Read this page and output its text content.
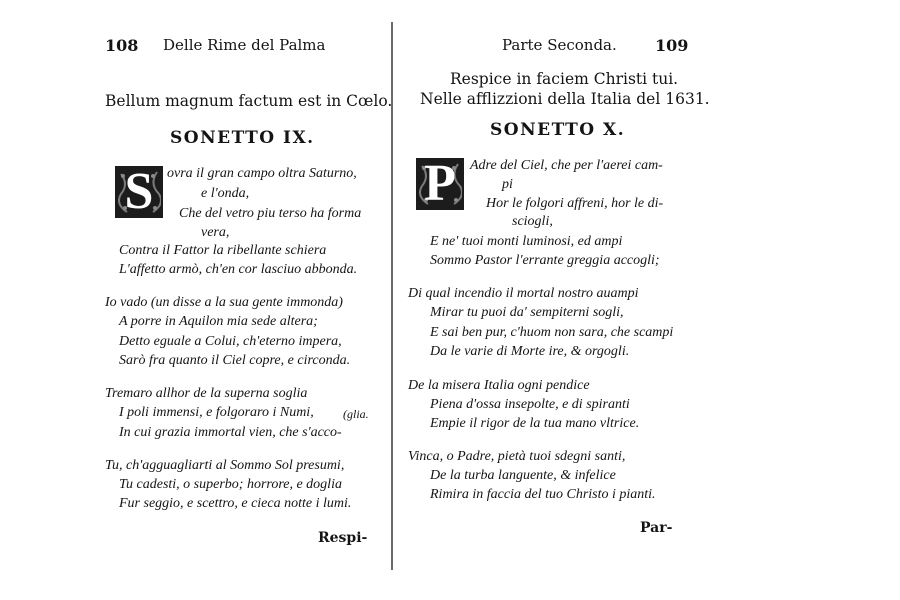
108 Delle Rime del Palma
Bellum magnum factum est in Cœlo.
SONETTO IX.
S ovra il gran campo oltra Saturno,
e l'onda,
Che del vetro piu terso ha forma
vera,
Contra il Fattor la ribellante schiera
L'affetto armò, ch'en cor lasciuo abbonda.
Io vado (un disse a la sua gente immonda)
A porre in Aquilon mia sede altera;
Detto eguale a Colui, ch'eterno impera,
Sarò fra quanto il Ciel copre, e circonda.
Tremaro allhor de la superna soglia
I poli immensi, e folgoraro i Numi,
In cui grazia immortal vien, che s'acco-
(glia.
Tu, ch'agguagliarti al Sommo Sol presumi,
Tu cadesti, o superbo; horrore, e doglia
Fur seggio, e scettro, e cieca notte i lumi.
Respi-
Parte Seconda. 109
Respice in faciem Christi tui.
Nelle afflizzioni della Italia del 1631.
SONETTO X.
P	Adre del Ciel, che per l'aerei cam-
pi
Hor le folgori affreni, hor le di-
sciogli,
E ne' tuoi monti luminosi, ed ampi
Sommo Pastor l'errante greggia accogli;
Di qual incendio il mortal nostro auampi
Mirar tu puoi da' sempiterni sogli,
E sai ben pur, c'huom non sara, che scampi
Da le varie di Morte ire, & orgogli.
De la misera Italia ogni pendice
Piena d'ossa insepolte, e di spiranti
Empie il rigor de la tua mano vltrice.
Vinca, o Padre, pietà tuoi sdegni santi,
De la turba languente, & infelice
Rimira in faccia del tuo Christo i pianti.
Par-
